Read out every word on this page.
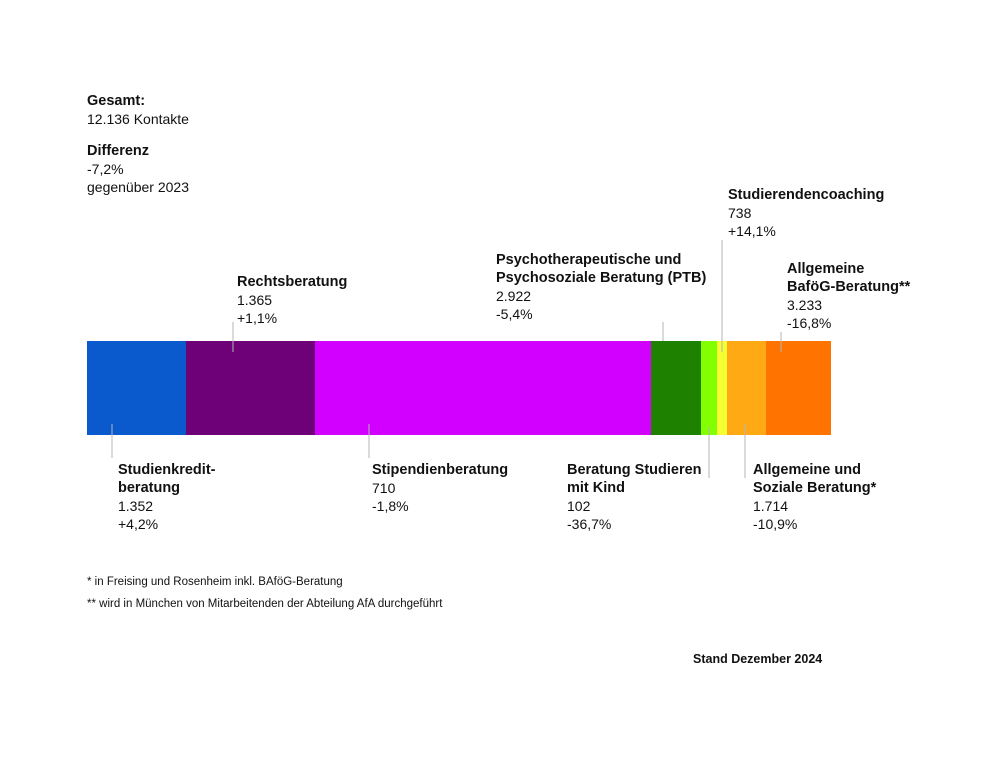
Gesamt:
12.136 Kontakte
Differenz
-7,2%
gegenüber 2023
Rechtsberatung
1.365
+1,1%
Psychotherapeutische und
Psychosoziale Beratung (PTB)
2.922
-5,4%
Studierendencoaching
738
+14,1%
Allgemeine
BaföG-Beratung**
3.233
-16,8%
Studienkredit-
beratung
1.352
+4,2%
Stipendienberatung
710
-1,8%
Beratung Studieren
mit Kind
102
-36,7%
Allgemeine und
Soziale Beratung*
1.714
-10,9%
* in Freising und Rosenheim inkl. BAföG-Beratung
** wird in München von Mitarbeitenden der Abteilung AfA durchgeführt
Stand Dezember 2024
